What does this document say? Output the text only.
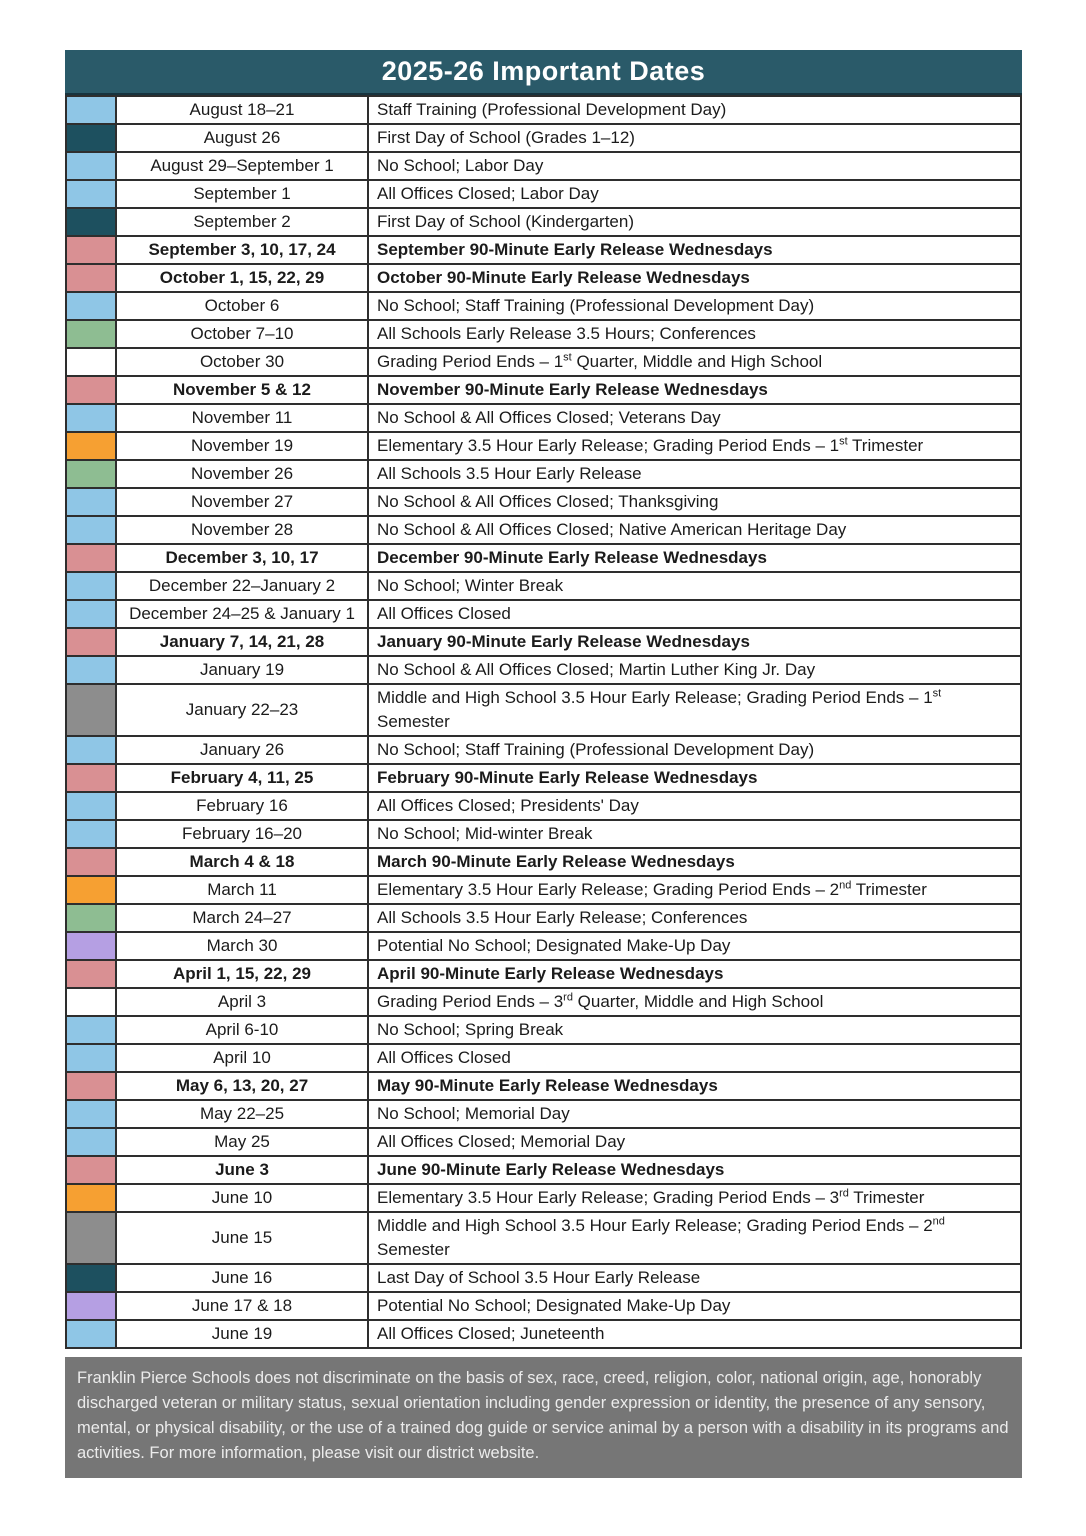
2025-26 Important Dates
	August 18–21	Staff Training (Professional Development Day)
	August 26	First Day of School (Grades 1–12)
	August 29–September 1	No School; Labor Day
	September 1	All Offices Closed; Labor Day
	September 2	First Day of School (Kindergarten)
	September 3, 10, 17, 24	September 90-Minute Early Release Wednesdays
	October 1, 15, 22, 29	October 90-Minute Early Release Wednesdays
	October 6	No School; Staff Training (Professional Development Day)
	October 7–10	All Schools Early Release 3.5 Hours; Conferences
	October 30	Grading Period Ends – 1st Quarter, Middle and High School
	November 5 & 12	November 90-Minute Early Release Wednesdays
	November 11	No School & All Offices Closed; Veterans Day
	November 19	Elementary 3.5 Hour Early Release; Grading Period Ends – 1st Trimester
	November 26	All Schools 3.5 Hour Early Release
	November 27	No School & All Offices Closed; Thanksgiving
	November 28	No School & All Offices Closed; Native American Heritage Day
	December 3, 10, 17	December 90-Minute Early Release Wednesdays
	December 22–January 2	No School; Winter Break
	December 24–25 & January 1	All Offices Closed
	January 7, 14, 21, 28	January 90-Minute Early Release Wednesdays
	January 19	No School & All Offices Closed; Martin Luther King Jr. Day
	January 22–23	Middle and High School 3.5 Hour Early Release; Grading Period Ends – 1st Semester
	January 26	No School; Staff Training (Professional Development Day)
	February 4, 11, 25	February 90-Minute Early Release Wednesdays
	February 16	All Offices Closed; Presidents' Day
	February 16–20	No School; Mid-winter Break
	March 4 & 18	March 90-Minute Early Release Wednesdays
	March 11	Elementary 3.5 Hour Early Release; Grading Period Ends – 2nd Trimester
	March 24–27	All Schools 3.5 Hour Early Release; Conferences
	March 30	Potential No School; Designated Make-Up Day
	April 1, 15, 22, 29	April 90-Minute Early Release Wednesdays
	April 3	Grading Period Ends – 3rd Quarter, Middle and High School
	April 6-10	No School; Spring Break
	April 10	All Offices Closed
	May 6, 13, 20, 27	May 90-Minute Early Release Wednesdays
	May 22–25	No School; Memorial Day
	May 25	All Offices Closed; Memorial Day
	June 3	June 90-Minute Early Release Wednesdays
	June 10	Elementary 3.5 Hour Early Release; Grading Period Ends – 3rd Trimester
	June 15	Middle and High School 3.5 Hour Early Release; Grading Period Ends – 2nd Semester
	June 16	Last Day of School 3.5 Hour Early Release
	June 17 & 18	Potential No School; Designated Make-Up Day
	June 19	All Offices Closed; Juneteenth
Franklin Pierce Schools does not discriminate on the basis of sex, race, creed, religion, color, national origin, age, honorably discharged veteran or military status, sexual orientation including gender expression or identity, the presence of any sensory, mental, or physical disability, or the use of a trained dog guide or service animal by a person with a disability in its programs and activities. For more information, please visit our district website.
